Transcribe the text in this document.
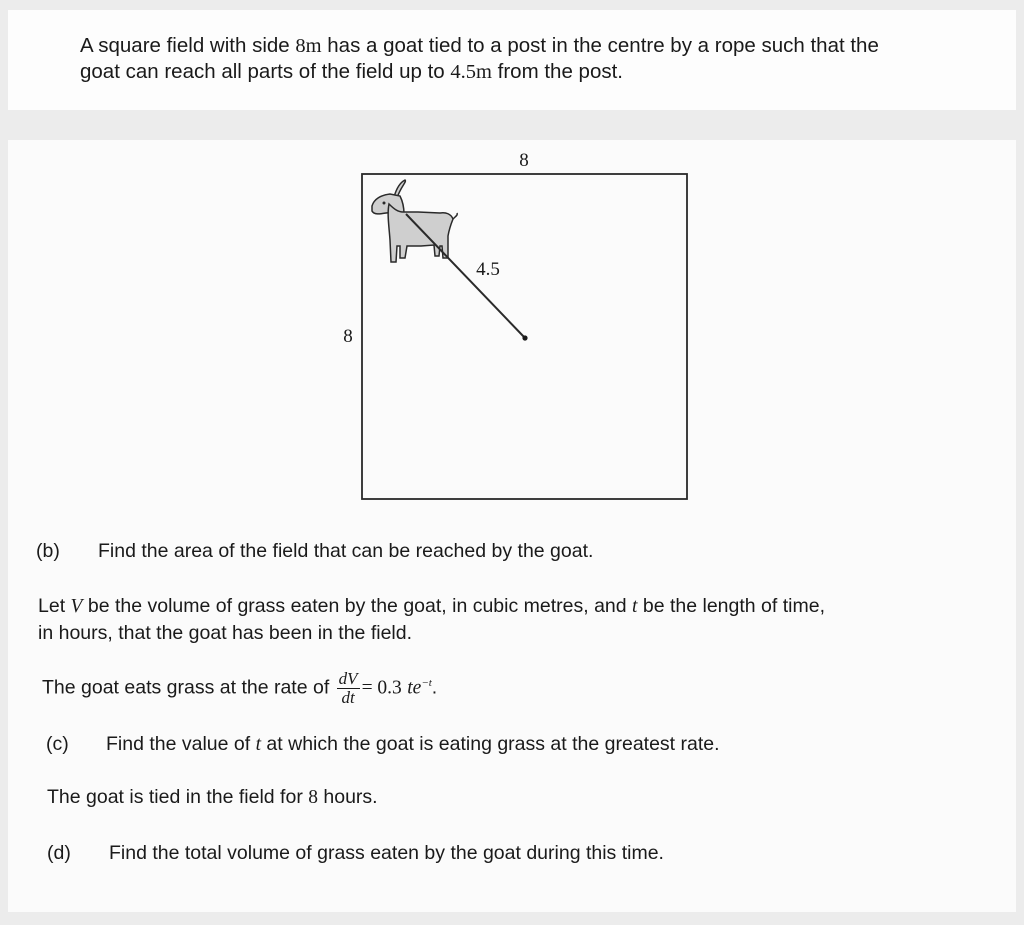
A square field with side 8m has a goat tied to a post in the centre by a rope such that the
goat can reach all parts of the field up to 4.5m from the post.

8
8
4.5

(b) Find the area of the field that can be reached by the goat.

Let V be the volume of grass eaten by the goat, in cubic metres, and t be the length of time,
in hours, that the goat has been in the field.

The goat eats grass at the rate of $\frac{dV}{dt} = 0.3$ $te^{-t}$.

(c) Find the value of t at which the goat is eating grass at the greatest rate.

The goat is tied in the field for 8 hours.

(d) Find the total volume of grass eaten by the goat during this time.
